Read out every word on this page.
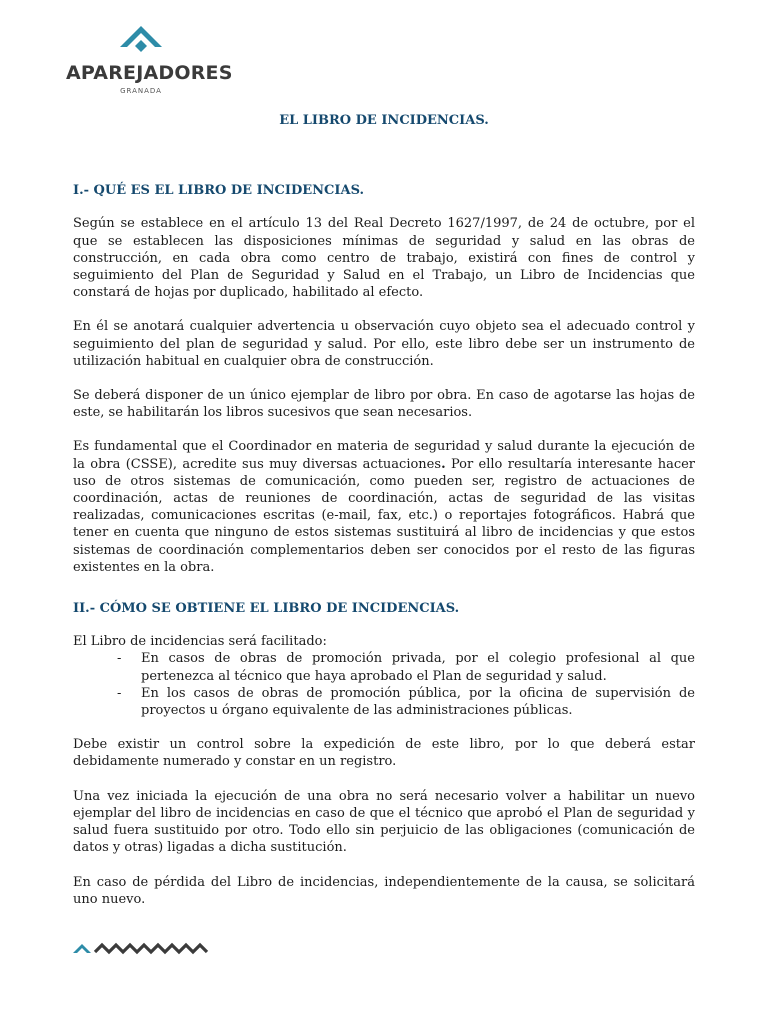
APAREJADORES
GRANADA
EL LIBRO DE INCIDENCIAS.
I.- QUÉ ES EL LIBRO DE INCIDENCIAS.

Según se establece en el artículo 13 del Real Decreto 1627/1997, de 24 de octubre, por el que se establecen las disposiciones mínimas de seguridad y salud en las obras de construcción, en cada obra como centro de trabajo, existirá con fines de control y seguimiento del Plan de Seguridad y Salud en el Trabajo, un Libro de Incidencias que constará de hojas por duplicado, habilitado al efecto.

En él se anotará cualquier advertencia u observación cuyo objeto sea el adecuado control y seguimiento del plan de seguridad y salud. Por ello, este libro debe ser un instrumento de utilización habitual en cualquier obra de construcción.

Se deberá disponer de un único ejemplar de libro por obra. En caso de agotarse las hojas de este, se habilitarán los libros sucesivos que sean necesarios.

Es fundamental que el Coordinador en materia de seguridad y salud durante la ejecución de la obra (CSSE), acredite sus muy diversas actuaciones. Por ello resultaría interesante hacer uso de otros sistemas de comunicación, como pueden ser, registro de actuaciones de coordinación, actas de reuniones de coordinación, actas de seguridad de las visitas realizadas, comunicaciones escritas (e-mail, fax, etc.) o reportajes fotográficos. Habrá que tener en cuenta que ninguno de estos sistemas sustituirá al libro de incidencias y que estos sistemas de coordinación complementarios deben ser conocidos por el resto de las figuras existentes en la obra.

II.- CÓMO SE OBTIENE EL LIBRO DE INCIDENCIAS.
El Libro de incidencias será facilitado:
- En casos de obras de promoción privada, por el colegio profesional al que pertenezca al técnico que haya aprobado el Plan de seguridad y salud.
- En los casos de obras de promoción pública, por la oficina de supervisión de proyectos u órgano equivalente de las administraciones públicas.

Debe existir un control sobre la expedición de este libro, por lo que deberá estar debidamente numerado y constar en un registro.

Una vez iniciada la ejecución de una obra no será necesario volver a habilitar un nuevo ejemplar del libro de incidencias en caso de que el técnico que aprobó el Plan de seguridad y salud fuera sustituido por otro. Todo ello sin perjuicio de las obligaciones (comunicación de datos y otras) ligadas a dicha sustitución.

En caso de pérdida del Libro de incidencias, independientemente de la causa, se solicitará uno nuevo.
